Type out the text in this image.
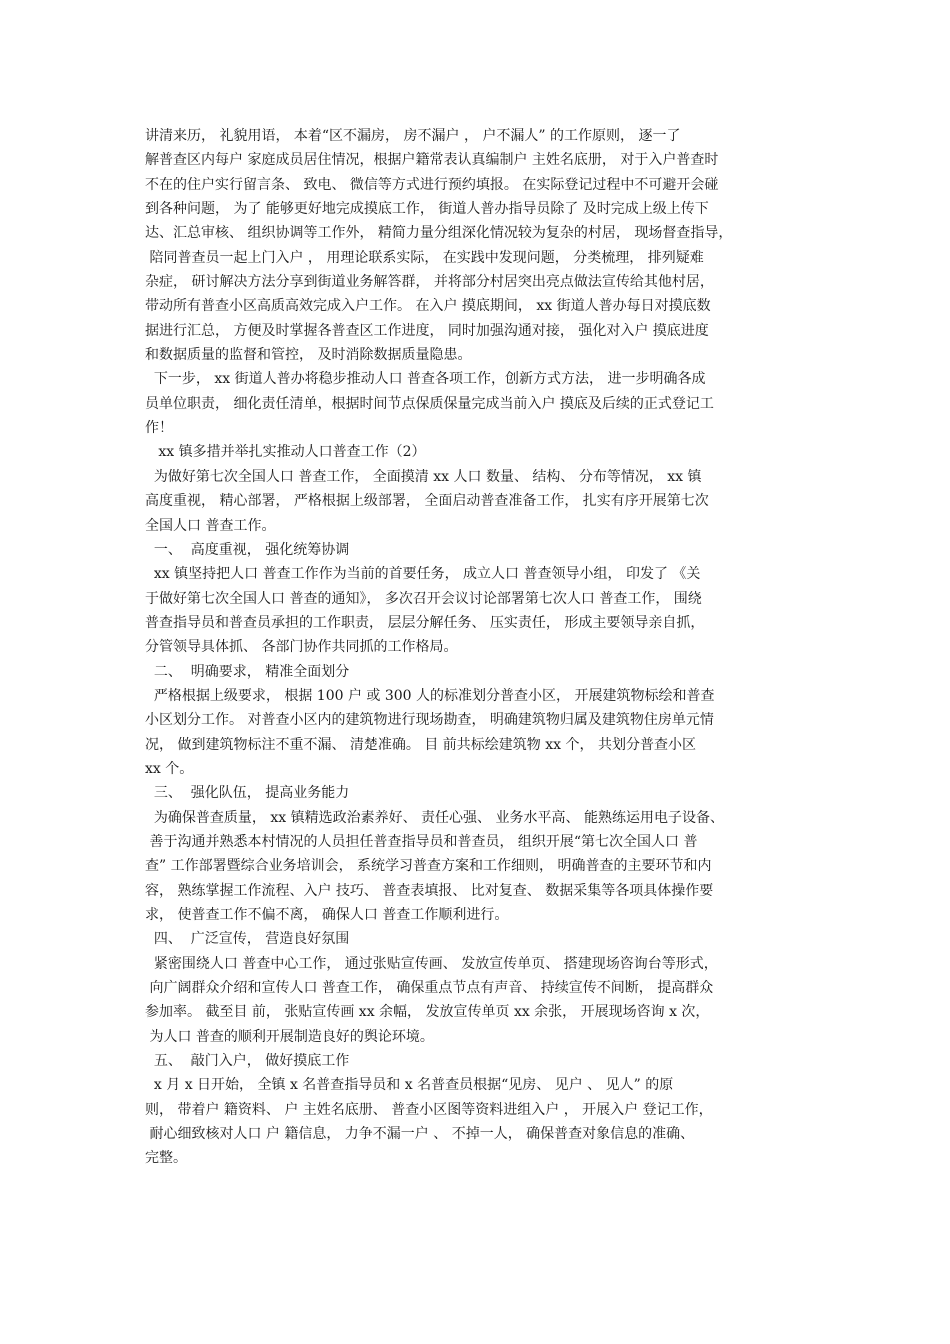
讲清来历， 礼貌用语， 本着“区不漏房， 房不漏户 ， 户不漏人” 的工作原则， 逐一了
解普查区内每户 家庭成员居住情况，根据户籍常表认真编制户 主姓名底册， 对于入户普查时
不在的住户实行留言条、 致电、 微信等方式进行预约填报。 在实际登记过程中不可避开会碰
到各种问题， 为了 能够更好地完成摸底工作， 街道人普办指导员除了 及时完成上级上传下
达、汇总审核、 组织协调等工作外， 精简力量分组深化情况较为复杂的村居， 现场督查指导，
陪同普查员一起上门入户 ， 用理论联系实际， 在实践中发现问题， 分类梳理， 排列疑难
杂症， 研讨解决方法分享到街道业务解答群， 并将部分村居突出亮点做法宣传给其他村居，
带动所有普查小区高质高效完成入户工作。 在入户 摸底期间， xx 街道人普办每日对摸底数
据进行汇总， 方便及时掌握各普查区工作进度， 同时加强沟通对接， 强化对入户 摸底进度
和数据质量的监督和管控， 及时消除数据质量隐患。
下一步， xx 街道人普办将稳步推动人口 普查各项工作，创新方式方法， 进一步明确各成
员单位职责， 细化责任清单，根据时间节点保质保量完成当前入户 摸底及后续的正式登记工
作！
xx 镇多措并举扎实推动人口普查工作（2）
为做好第七次全国人口 普查工作， 全面摸清 xx 人口 数量、 结构、 分布等情况， xx 镇
高度重视， 精心部署， 严格根据上级部署， 全面启动普查准备工作， 扎实有序开展第七次
全国人口 普查工作。
一、  高度重视， 强化统筹协调
xx 镇坚持把人口 普查工作作为当前的首要任务， 成立人口 普查领导小组， 印发了 《关
于做好第七次全国人口 普查的通知》， 多次召开会议讨论部署第七次人口 普查工作， 围绕
普查指导员和普查员承担的工作职责， 层层分解任务、 压实责任， 形成主要领导亲自抓，
分管领导具体抓、 各部门协作共同抓的工作格局。
二、  明确要求， 精准全面划分
严格根据上级要求， 根据 100 户 或 300 人的标准划分普查小区， 开展建筑物标绘和普查
小区划分工作。 对普查小区内的建筑物进行现场勘查， 明确建筑物归属及建筑物住房单元情
况， 做到建筑物标注不重不漏、 清楚准确。 目 前共标绘建筑物 xx 个， 共划分普查小区
xx 个。
三、  强化队伍， 提高业务能力
为确保普查质量， xx 镇精选政治素养好、 责任心强、 业务水平高、 能熟练运用电子设备、
善于沟通并熟悉本村情况的人员担任普查指导员和普查员， 组织开展“第七次全国人口 普
查” 工作部署暨综合业务培训会， 系统学习普查方案和工作细则， 明确普查的主要环节和内
容， 熟练掌握工作流程、入户 技巧、 普查表填报、 比对复查、 数据采集等各项具体操作要
求， 使普查工作不偏不离， 确保人口 普查工作顺利进行。
四、  广泛宣传， 营造良好氛围
紧密围绕人口 普查中心工作， 通过张贴宣传画、 发放宣传单页、 搭建现场咨询台等形式，
向广阔群众介绍和宣传人口 普查工作， 确保重点节点有声音、 持续宣传不间断， 提高群众
参加率。 截至目 前， 张贴宣传画 xx 余幅， 发放宣传单页 xx 余张， 开展现场咨询 x 次，
为人口 普查的顺利开展制造良好的舆论环境。
五、  敲门入户， 做好摸底工作
x 月 x 日开始， 全镇 x 名普查指导员和 x 名普查员根据“见房、 见户 、 见人” 的原
则， 带着户 籍资料、 户 主姓名底册、 普查小区图等资料进组入户 ， 开展入户 登记工作，
耐心细致核对人口 户 籍信息， 力争不漏一户 、 不掉一人， 确保普查对象信息的准确、
完整。
